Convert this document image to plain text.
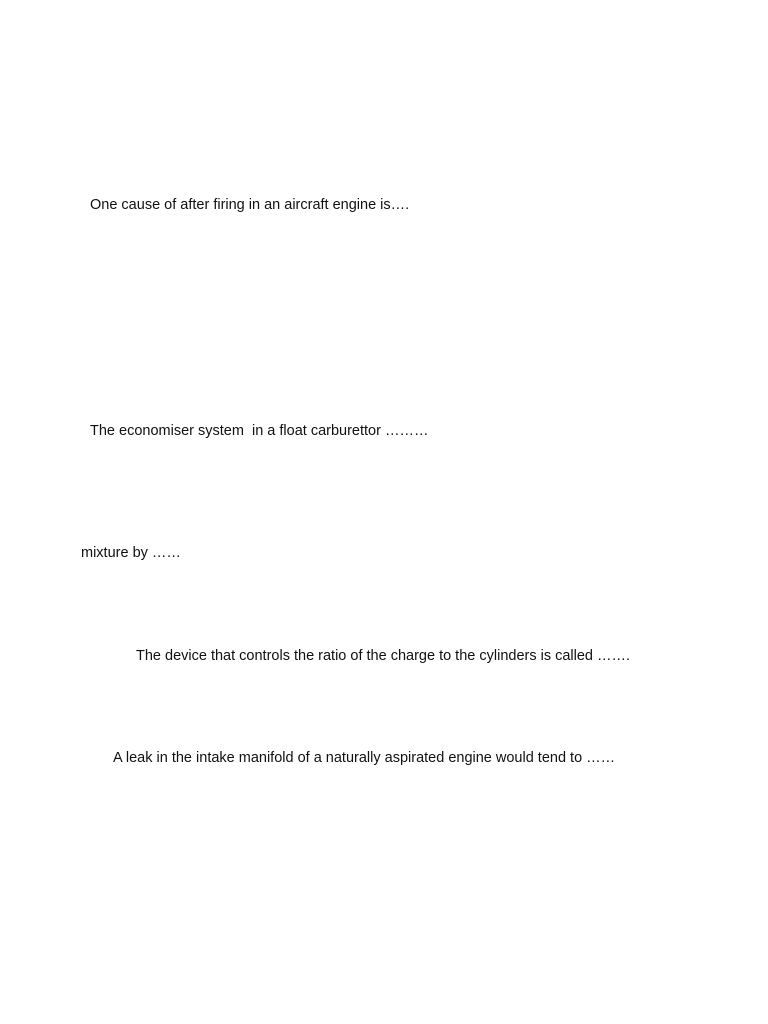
One cause of after firing in an aircraft engine is….
The economiser system  in a float carburettor ………
mixture by ……
The device that controls the ratio of the charge to the cylinders is called …….
A leak in the intake manifold of a naturally aspirated engine would tend to ……
